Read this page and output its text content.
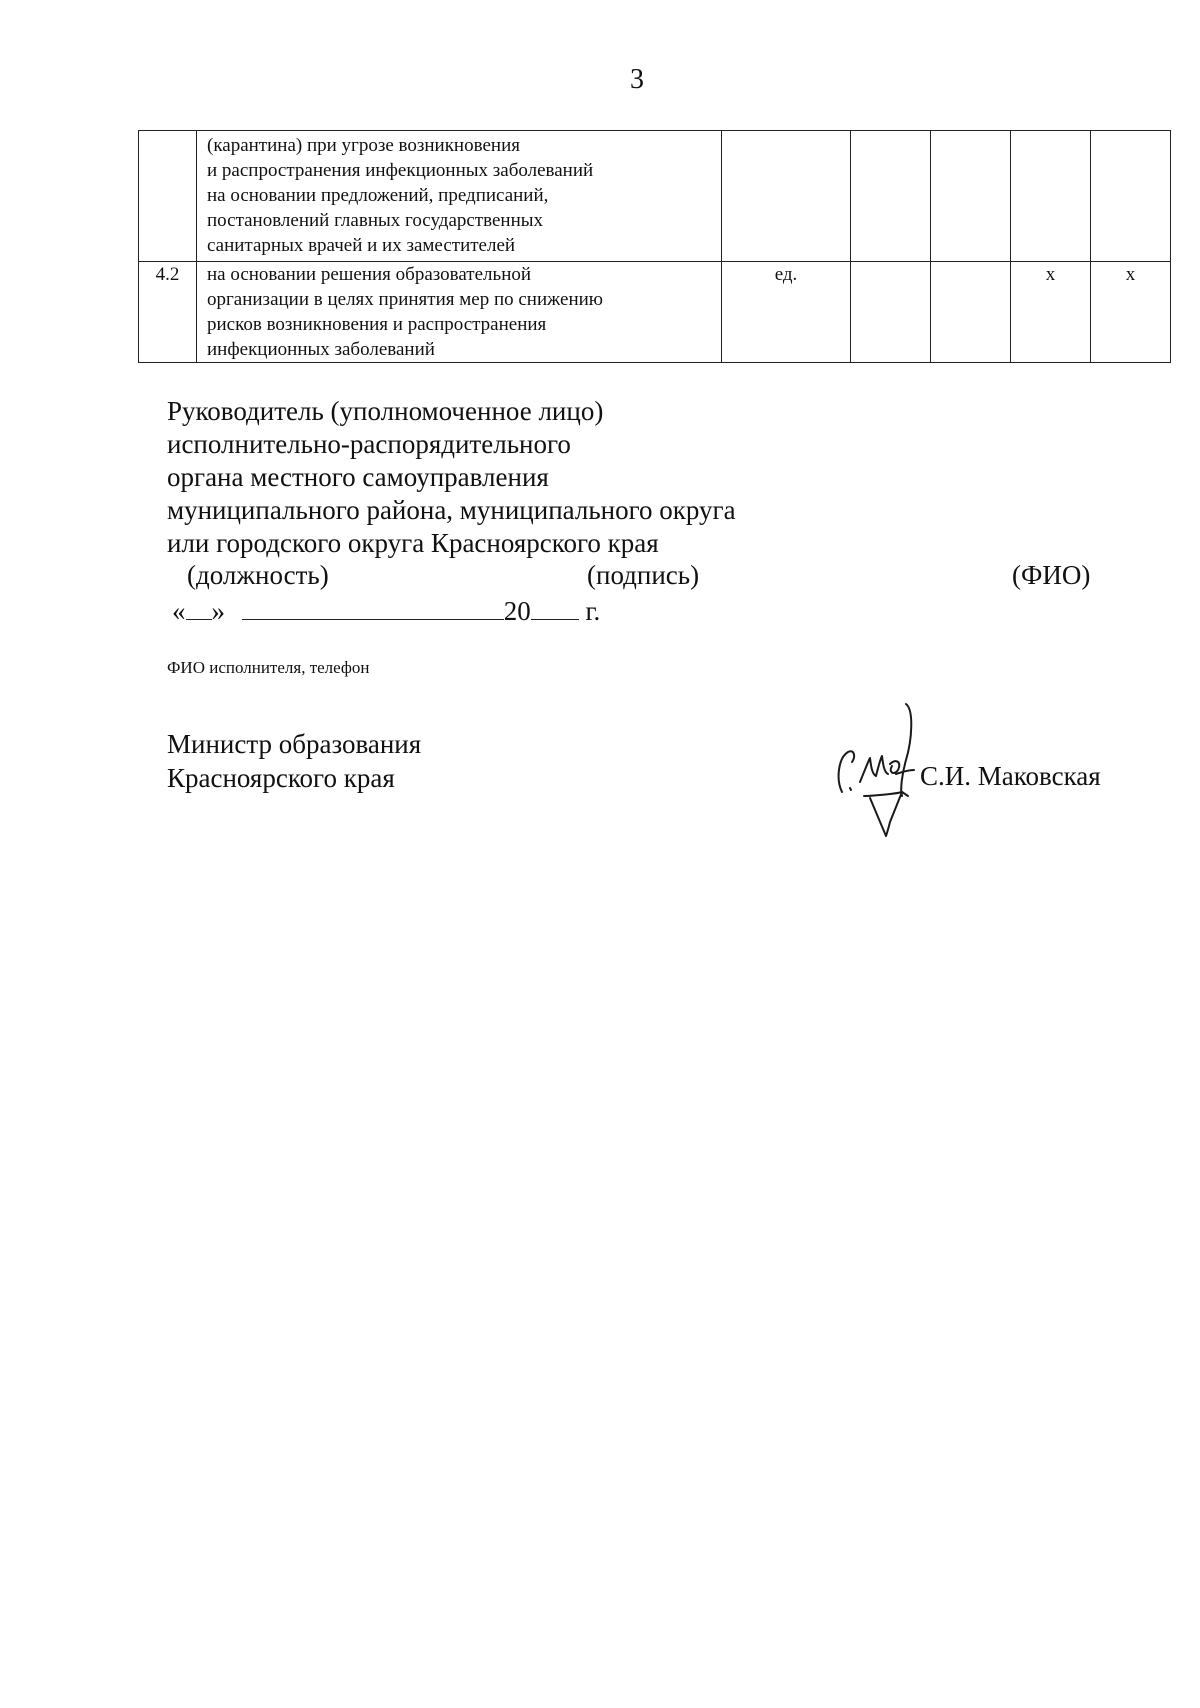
3

	(карантина) при угрозе возникновения
и распространения инфекционных заболеваний
на основании предложений, предписаний,
постановлений главных государственных
санитарных врачей и их заместителей					

4.2	на основании решения образовательной
организации в целях принятия мер по снижению
рисков возникновения и распространения
инфекционных заболеваний	ед.			x	x
Руководитель (уполномоченное лицо)
исполнительно-распорядительного
органа местного самоуправления
муниципального района, муниципального округа
или городского округа Красноярского края
(должность)	(подпись)	(ФИО)
« »	20 г.
ФИО исполнителя, телефон
Министр образования
Красноярского края	С.И. Маковская
